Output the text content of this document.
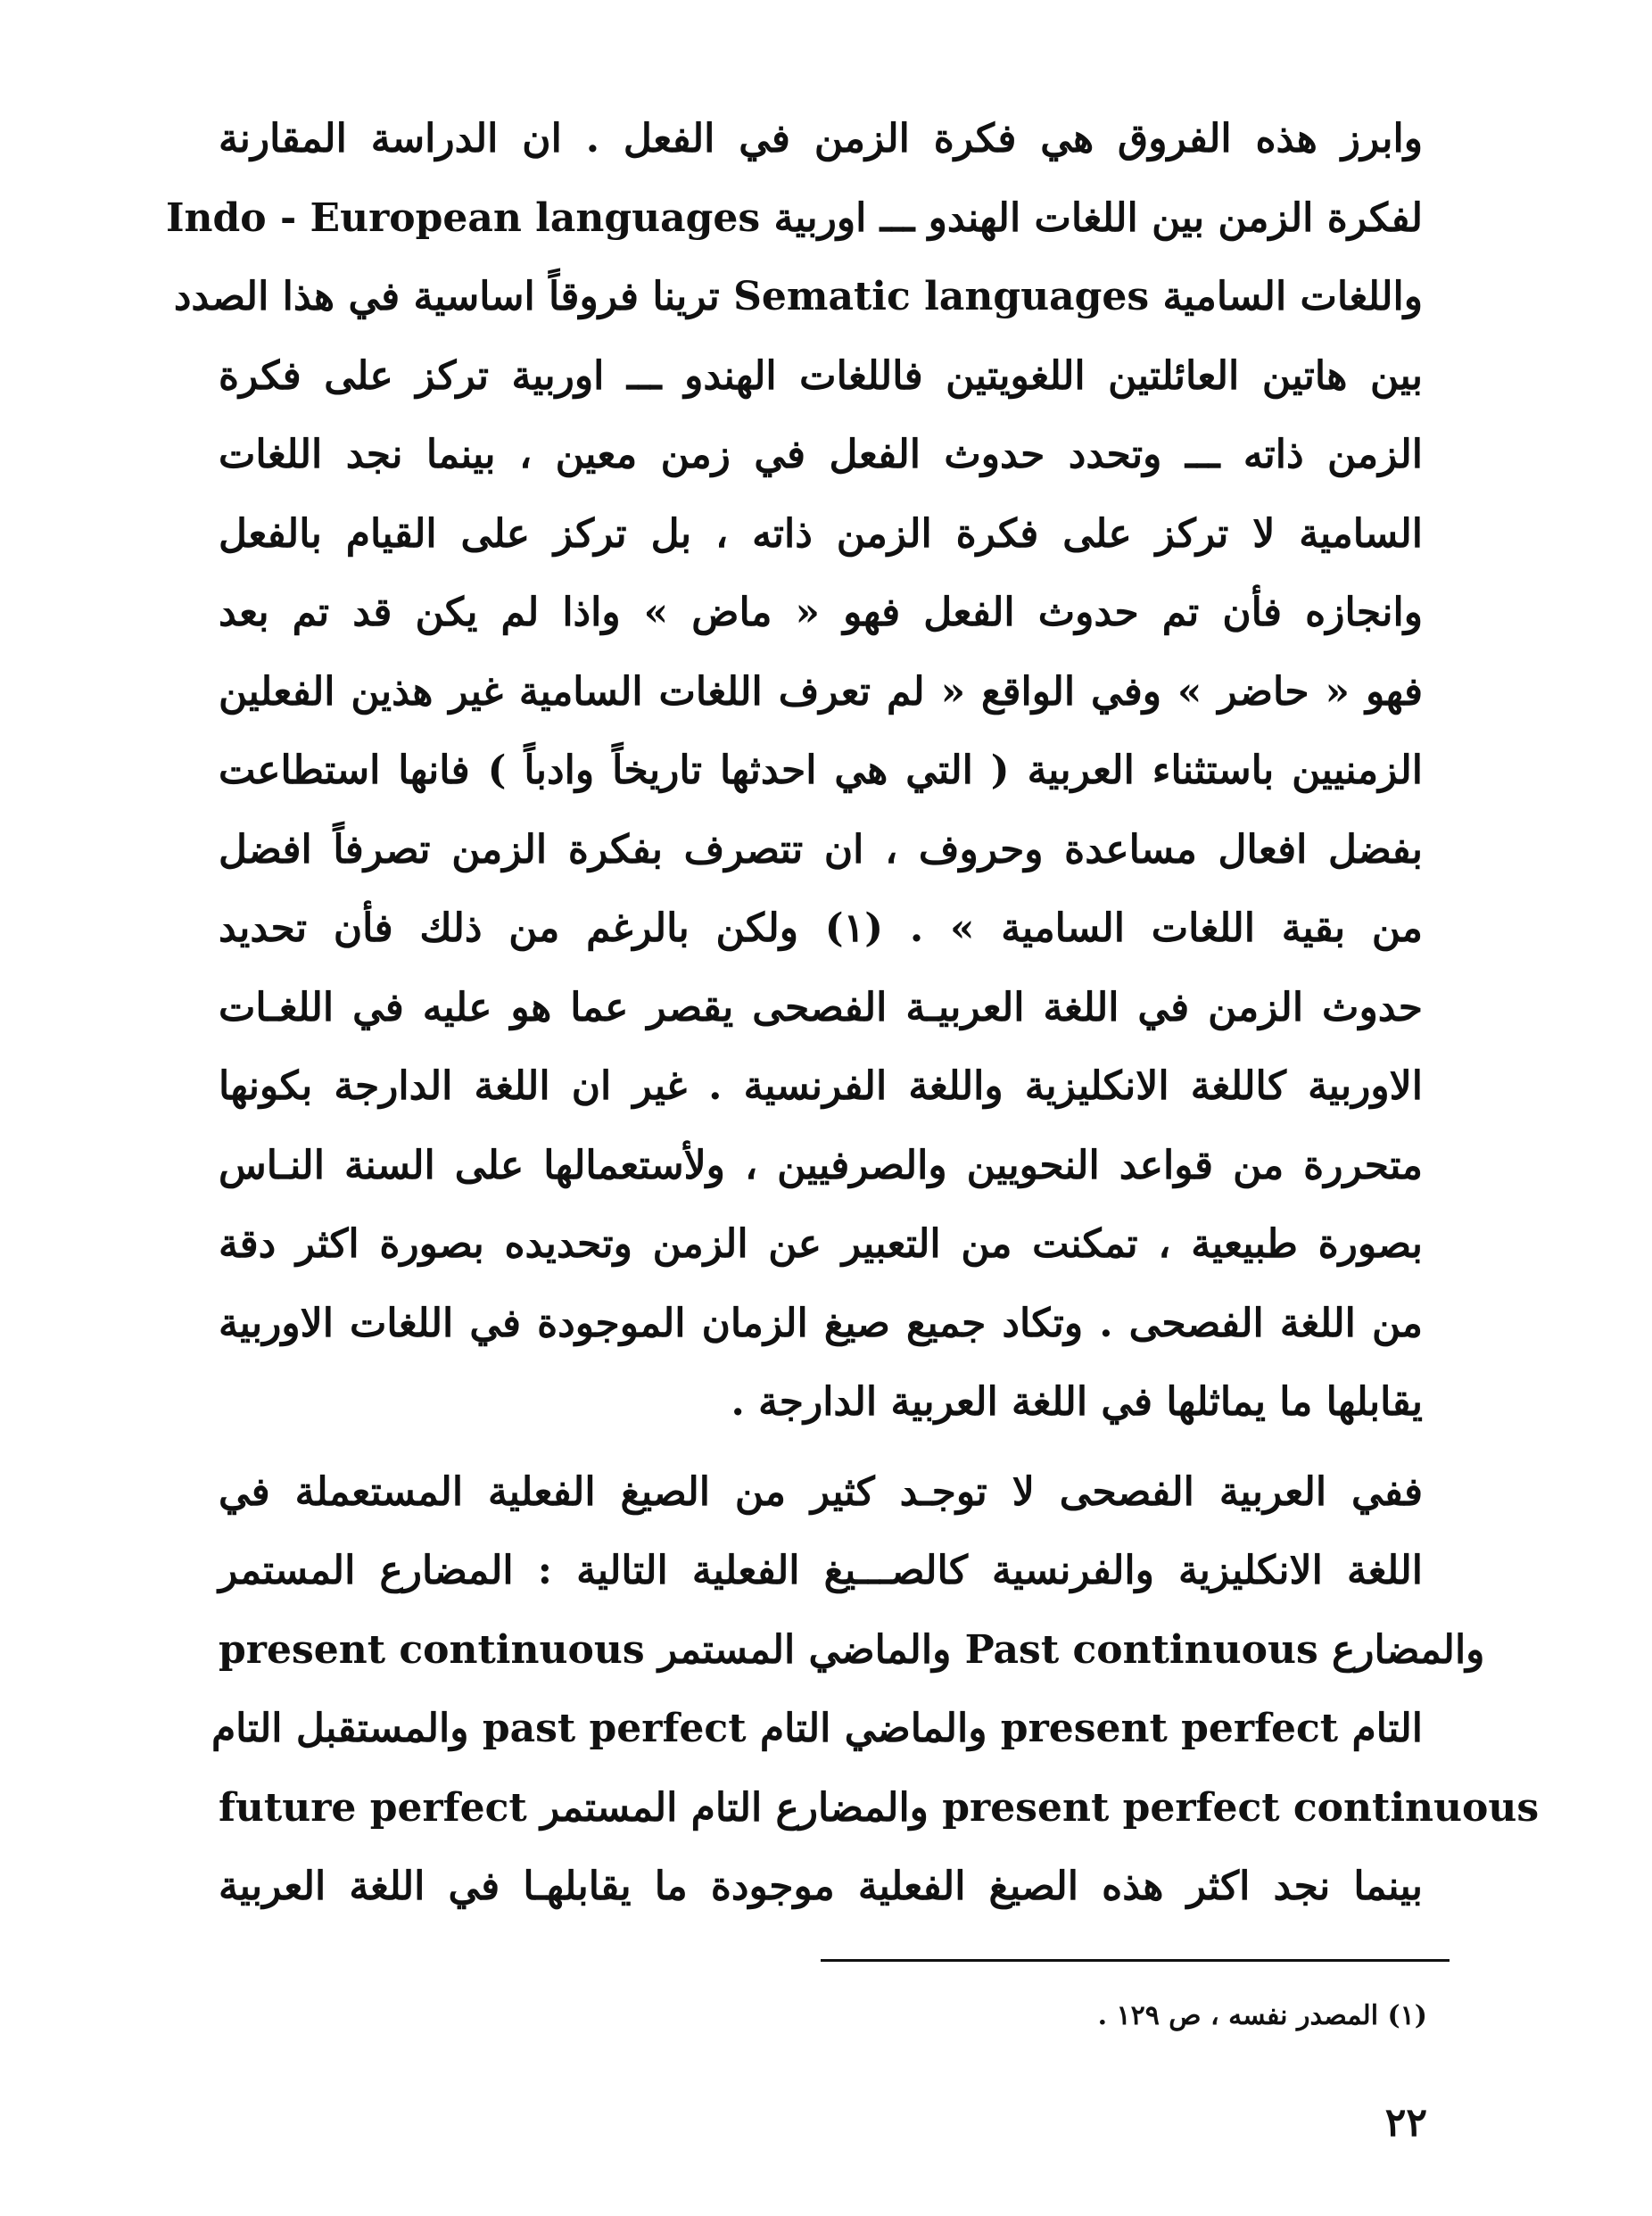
وابرز هذه الفروق هي فكرة الزمن في الفعل . ان الدراسة المقارنة
لفكرة الزمن بين اللغات الهندو ـــ اوربية Indo - European languages
واللغات السامية Sematic languages ترينا فروقاً اساسية في هذا الصدد
بين هاتين العائلتين اللغويتين فاللغات الهندو ـــ اوربية تركز على فكرة
الزمن ذاته ـــ وتحدد حدوث الفعل في زمن معين ، بينما نجد اللغات
السامية لا تركز على فكرة الزمن ذاته ، بل تركز على القيام بالفعل
وانجازه فأن تم حدوث الفعل فهو « ماض » واذا لم يكن قد تم بعد
فهو « حاضر » وفي الواقع « لم تعرف اللغات السامية غير هذين الفعلين
الزمنيين باستثناء العربية ( التي هي احدثها تاريخاً وادباً ) فانها استطاعت
بفضل افعال مساعدة وحروف ، ان تتصرف بفكرة الزمن تصرفاً افضل
من بقية اللغات السامية » . (١) ولكن بالرغم من ذلك فأن تحديد
حدوث الزمن في اللغة العربيـة الفصحى يقصر عما هو عليه في اللغـات
الاوربية كاللغة الانكليزية واللغة الفرنسية . غير ان اللغة الدارجة بكونها
متحررة من قواعد النحويين والصرفيين ، ولأستعمالها على السنة النـاس
بصورة طبيعية ، تمكنت من التعبير عن الزمن وتحديده بصورة اكثر دقة
من اللغة الفصحى . وتكاد جميع صيغ الزمان الموجودة في اللغات الاوربية
يقابلها ما يماثلها في اللغة العربية الدارجة .
ففي العربية الفصحى لا توجـد كثير من الصيغ الفعلية المستعملة في
اللغة الانكليزية والفرنسية كالصـــيغ الفعلية التالية : المضارع المستمر
present continuous والماضي المستمر Past continuous والمضارع
التام present perfect والماضي التام past perfect والمستقبل التام
future perfect والمضارع التام المستمر present perfect continuous
بينما نجد اكثر هذه الصيغ الفعلية موجودة ما يقابلهـا في اللغة العربية
(١) المصدر نفسه ، ص ١٢٩ .
٢٢
